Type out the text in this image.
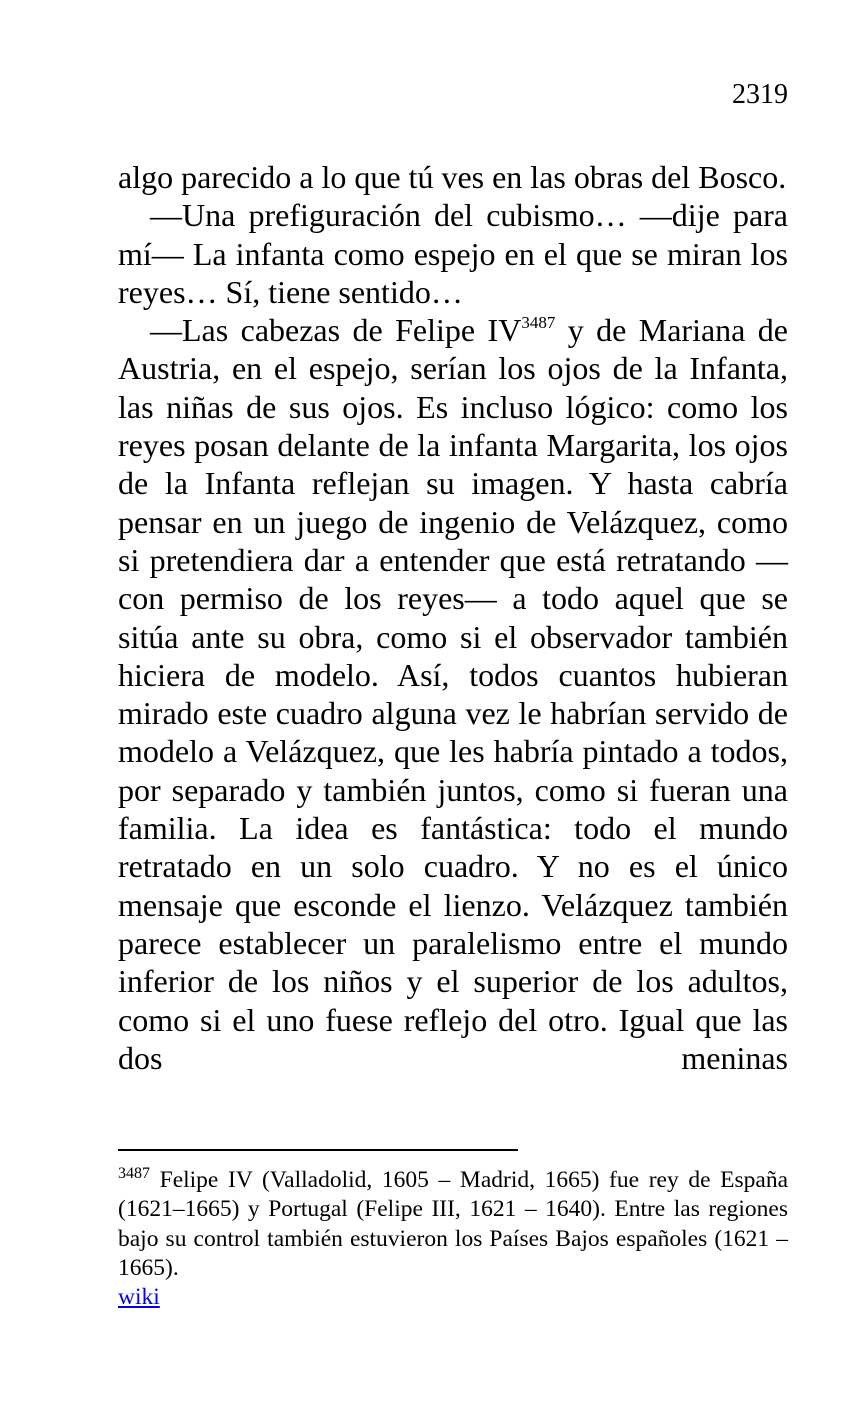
2319

algo parecido a lo que tú ves en las obras del Bosco.

—Una prefiguración del cubismo… —dije para mí— La infanta como espejo en el que se miran los reyes… Sí, tiene sentido…

—Las cabezas de Felipe IV$^{3487}$ y de Mariana de Austria, en el espejo, serían los ojos de la Infanta, las niñas de sus ojos. Es incluso lógico: como los reyes posan delante de la infanta Margarita, los ojos de la Infanta reflejan su imagen. Y hasta cabría pensar en un juego de ingenio de Velázquez, como si pretendiera dar a entender que está retratando —con permiso de los reyes— a todo aquel que se sitúa ante su obra, como si el observador también hiciera de modelo. Así, todos cuantos hubieran mirado este cuadro alguna vez le habrían servido de modelo a Velázquez, que les habría pintado a todos, por separado y también juntos, como si fueran una familia. La idea es fantástica: todo el mundo retratado en un solo cuadro. Y no es el único mensaje que esconde el lienzo. Velázquez también parece establecer un paralelismo entre el mundo inferior de los niños y el superior de los adultos, como si el uno fuese reflejo del otro. Igual que las dos meninas

$^{3487}$ Felipe IV (Valladolid, 1605 – Madrid, 1665) fue rey de España (1621–1665) y Portugal (Felipe III, 1621 – 1640). Entre las regiones bajo su control también estuvieron los Países Bajos españoles (1621 – 1665).

wiki
